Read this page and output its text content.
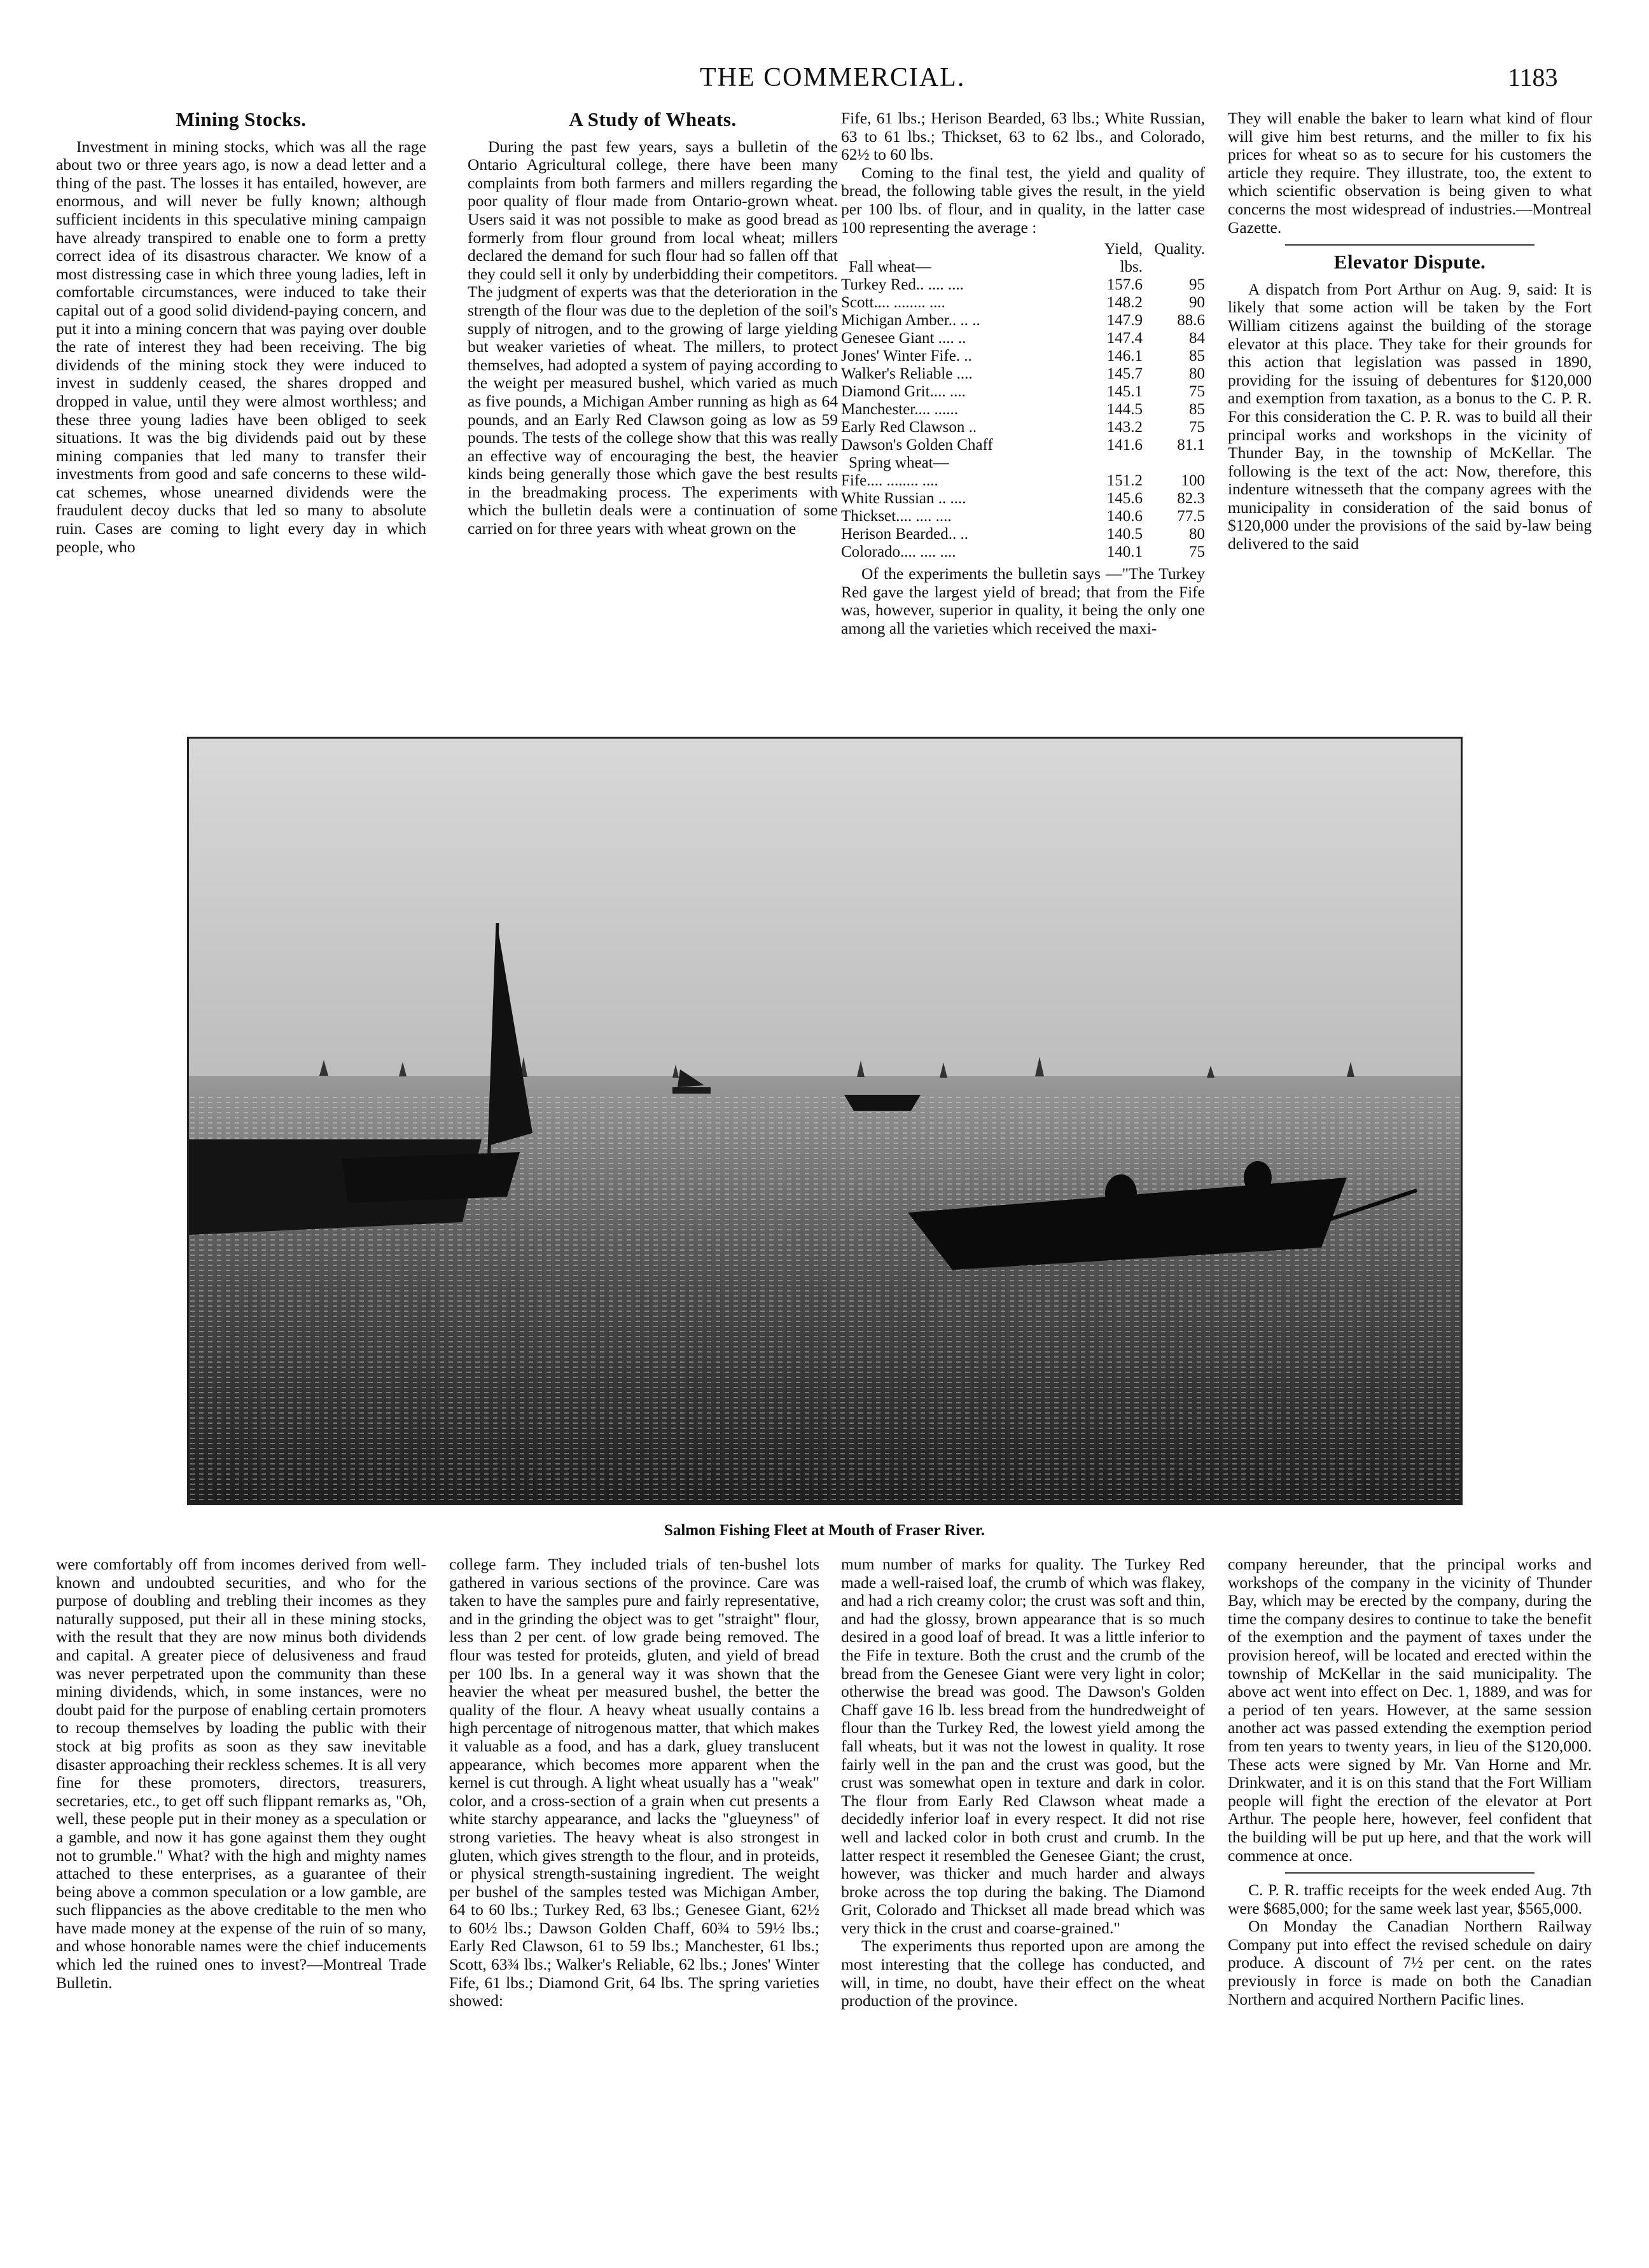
THE COMMERCIAL.	1183
Mining Stocks.

Investment in mining stocks, which was all the rage about two or three years ago, is now a dead letter and a thing of the past. The losses it has entailed, however, are enormous, and will never be fully known; although sufficient incidents in this speculative mining campaign have already transpired to enable one to form a pretty correct idea of its disastrous character. We know of a most distressing case in which three young ladies, left in comfortable circumstances, were induced to take their capital out of a good solid dividend-paying concern, and put it into a mining concern that was paying over double the rate of interest they had been receiving. The big dividends of the mining stock they were induced to invest in suddenly ceased, the shares dropped and dropped in value, until they were almost worthless; and these three young ladies have been obliged to seek situations. It was the big dividends paid out by these mining companies that led many to transfer their investments from good and safe concerns to these wild-cat schemes, whose unearned dividends were the fraudulent decoy ducks that led so many to absolute ruin. Cases are coming to light every day in which people, who

A Study of Wheats.

During the past few years, says a bulletin of the Ontario Agricultural college, there have been many complaints from both farmers and millers regarding the poor quality of flour made from Ontario-grown wheat. Users said it was not possible to make as good bread as formerly from flour ground from local wheat; millers declared the demand for such flour had so fallen off that they could sell it only by underbidding their competitors. The judgment of experts was that the deterioration in the strength of the flour was due to the depletion of the soil's supply of nitrogen, and to the growing of large yielding but weaker varieties of wheat. The millers, to protect themselves, had adopted a system of paying according to the weight per measured bushel, which varied as much as five pounds, a Michigan Amber running as high as 64 pounds, and an Early Red Clawson going as low as 59 pounds. The tests of the college show that this was really an effective way of encouraging the best, the heavier kinds being generally those which gave the best results in the breadmaking process. The experiments with which the bulletin deals were a continuation of some carried on for three years with wheat grown on the

Fife, 61 lbs.; Herison Bearded, 63 lbs.; White Russian, 63 to 61 lbs.; Thickset, 63 to 62 lbs., and Colorado, 62½ to 60 lbs.

Coming to the final test, the yield and quality of bread, the following table gives the result, in the yield per 100 lbs. of flour, and in quality, in the latter case 100 representing the average :

	Yield,	Quality.
Fall wheat—	lbs.	
Turkey Red.. .... ....	157.6	95
Scott.... ........ ....	148.2	90
Michigan Amber.. .. ..	147.9	88.6
Genesee Giant .... ..	147.4	84
Jones' Winter Fife. ..	146.1	85
Walker's Reliable ....	145.7	80
Diamond Grit.... ....	145.1	75
Manchester.... ......	144.5	85
Early Red Clawson ..	143.2	75
Dawson's Golden Chaff	141.6	81.1
Spring wheat—		
Fife.... ........ ....	151.2	100
White Russian .. ....	145.6	82.3
Thickset.... .... ....	140.6	77.5
Herison Bearded.. ..	140.5	80
Colorado.... .... ....	140.1	75

Of the experiments the bulletin says —"The Turkey Red gave the largest yield of bread; that from the Fife was, however, superior in quality, it being the only one among all the varieties which received the maxi-

They will enable the baker to learn what kind of flour will give him best returns, and the miller to fix his prices for wheat so as to secure for his customers the article they require. They illustrate, too, the extent to which scientific observation is being given to what concerns the most widespread of industries.—Montreal Gazette.

Elevator Dispute.

A dispatch from Port Arthur on Aug. 9, said: It is likely that some action will be taken by the Fort William citizens against the building of the storage elevator at this place. They take for their grounds for this action that legislation was passed in 1890, providing for the issuing of debentures for $120,000 and exemption from taxation, as a bonus to the C. P. R. For this consideration the C. P. R. was to build all their principal works and workshops in the vicinity of Thunder Bay, in the township of McKellar. The following is the text of the act: Now, therefore, this indenture witnesseth that the company agrees with the municipality in consideration of the said bonus of $120,000 under the provisions of the said by-law being delivered to the said

Salmon Fishing Fleet at Mouth of Fraser River.

were comfortably off from incomes derived from well-known and undoubted securities, and who for the purpose of doubling and trebling their incomes as they naturally supposed, put their all in these mining stocks, with the result that they are now minus both dividends and capital. A greater piece of delusiveness and fraud was never perpetrated upon the community than these mining dividends, which, in some instances, were no doubt paid for the purpose of enabling certain promoters to recoup themselves by loading the public with their stock at big profits as soon as they saw inevitable disaster approaching their reckless schemes. It is all very fine for these promoters, directors, treasurers, secretaries, etc., to get off such flippant remarks as, "Oh, well, these people put in their money as a speculation or a gamble, and now it has gone against them they ought not to grumble." What? with the high and mighty names attached to these enterprises, as a guarantee of their being above a common speculation or a low gamble, are such flippancies as the above creditable to the men who have made money at the expense of the ruin of so many, and whose honorable names were the chief inducements which led the ruined ones to invest?—Montreal Trade Bulletin.

college farm. They included trials of ten-bushel lots gathered in various sections of the province. Care was taken to have the samples pure and fairly representative, and in the grinding the object was to get "straight" flour, less than 2 per cent. of low grade being removed. The flour was tested for proteids, gluten, and yield of bread per 100 lbs. In a general way it was shown that the heavier the wheat per measured bushel, the better the quality of the flour. A heavy wheat usually contains a high percentage of nitrogenous matter, that which makes it valuable as a food, and has a dark, gluey translucent appearance, which becomes more apparent when the kernel is cut through. A light wheat usually has a "weak" color, and a cross-section of a grain when cut presents a white starchy appearance, and lacks the "glueyness" of strong varieties. The heavy wheat is also strongest in gluten, which gives strength to the flour, and in proteids, or physical strength-sustaining ingredient. The weight per bushel of the samples tested was Michigan Amber, 64 to 60 lbs.; Turkey Red, 63 lbs.; Genesee Giant, 62½ to 60½ lbs.; Dawson Golden Chaff, 60¾ to 59½ lbs.; Early Red Clawson, 61 to 59 lbs.; Manchester, 61 lbs.; Scott, 63¾ lbs.; Walker's Reliable, 62 lbs.; Jones' Winter Fife, 61 lbs.; Diamond Grit, 64 lbs. The spring varieties showed:

mum number of marks for quality. The Turkey Red made a well-raised loaf, the crumb of which was flakey, and had a rich creamy color; the crust was soft and thin, and had the glossy, brown appearance that is so much desired in a good loaf of bread. It was a little inferior to the Fife in texture. Both the crust and the crumb of the bread from the Genesee Giant were very light in color; otherwise the bread was good. The Dawson's Golden Chaff gave 16 lb. less bread from the hundredweight of flour than the Turkey Red, the lowest yield among the fall wheats, but it was not the lowest in quality. It rose fairly well in the pan and the crust was good, but the crust was somewhat open in texture and dark in color. The flour from Early Red Clawson wheat made a decidedly inferior loaf in every respect. It did not rise well and lacked color in both crust and crumb. In the latter respect it resembled the Genesee Giant; the crust, however, was thicker and much harder and always broke across the top during the baking. The Diamond Grit, Colorado and Thickset all made bread which was very thick in the crust and coarse-grained."

The experiments thus reported upon are among the most interesting that the college has conducted, and will, in time, no doubt, have their effect on the wheat production of the province.

company hereunder, that the principal works and workshops of the company in the vicinity of Thunder Bay, which may be erected by the company, during the time the company desires to continue to take the benefit of the exemption and the payment of taxes under the provision hereof, will be located and erected within the township of McKellar in the said municipality. The above act went into effect on Dec. 1, 1889, and was for a period of ten years. However, at the same session another act was passed extending the exemption period from ten years to twenty years, in lieu of the $120,000. These acts were signed by Mr. Van Horne and Mr. Drinkwater, and it is on this stand that the Fort William people will fight the erection of the elevator at Port Arthur. The people here, however, feel confident that the building will be put up here, and that the work will commence at once.

C. P. R. traffic receipts for the week ended Aug. 7th were $685,000; for the same week last year, $565,000.

On Monday the Canadian Northern Railway Company put into effect the revised schedule on dairy produce. A discount of 7½ per cent. on the rates previously in force is made on both the Canadian Northern and acquired Northern Pacific lines.
